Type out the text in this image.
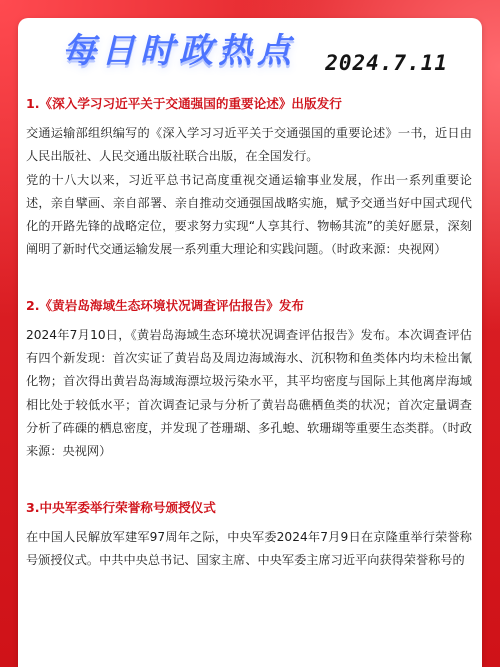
每日时政热点 2024.7.11
1.《深入学习习近平关于交通强国的重要论述》出版发行

交通运输部组织编写的《深入学习习近平关于交通强国的重要论述》一书，近日由人民出版社、人民交通出版社联合出版，在全国发行。

党的十八大以来，习近平总书记高度重视交通运输事业发展，作出一系列重要论述，亲自擘画、亲自部署、亲自推动交通强国战略实施，赋予交通当好中国式现代化的开路先锋的战略定位，要求努力实现“人享其行、物畅其流”的美好愿景，深刻阐明了新时代交通运输发展一系列重大理论和实践问题。（时政来源：央视网）

2.《黄岩岛海域生态环境状况调查评估报告》发布

2024年7月10日，《黄岩岛海域生态环境状况调查评估报告》发布。本次调查评估有四个新发现：首次实证了黄岩岛及周边海域海水、沉积物和鱼类体内均未检出氰化物；首次得出黄岩岛海域海漂垃圾污染水平，其平均密度与国际上其他离岸海域相比处于较低水平；首次调查记录与分析了黄岩岛礁栖鱼类的状况；首次定量调查分析了砗磲的栖息密度，并发现了苍珊瑚、多孔螅、软珊瑚等重要生态类群。（时政来源：央视网）

3.中央军委举行荣誉称号颁授仪式

在中国人民解放军建军97周年之际，中央军委2024年7月9日在京隆重举行荣誉称号颁授仪式。中共中央总书记、国家主席、中央军委主席习近平向获得荣誉称号的
